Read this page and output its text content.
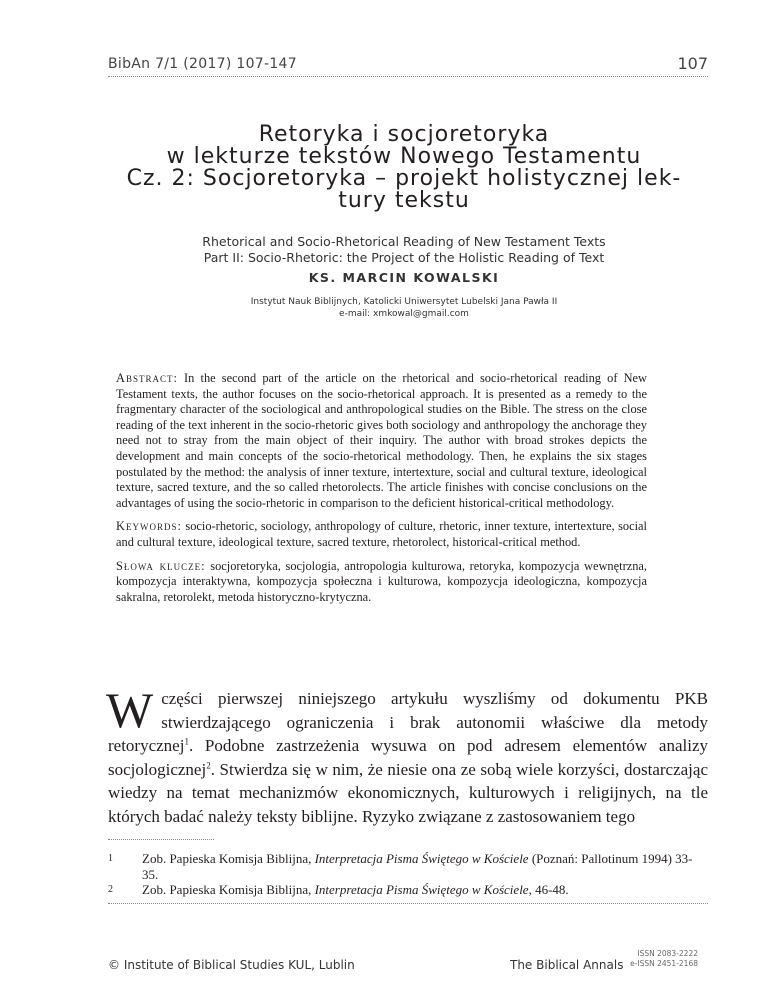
BibAn 7/1 (2017) 107-147	107
Retoryka i socjoretoryka
w lekturze tekstów Nowego Testamentu
Cz. 2: Socjoretoryka – projekt holistycznej lek-
tury tekstu
Rhetorical and Socio-Rhetorical Reading of New Testament Texts
Part II: Socio-Rhetoric: the Project of the Holistic Reading of Text
KS. MARCIN KOWALSKI
Instytut Nauk Biblijnych, Katolicki Uniwersytet Lubelski Jana Pawła II
e-mail: xmkowal@gmail.com

Abstract: In the second part of the article on the rhetorical and socio-rhetorical reading of New Testament texts, the author focuses on the socio-rhetorical approach. It is presented as a remedy to the fragmentary character of the sociological and anthropological studies on the Bible. The stress on the close reading of the text inherent in the socio-rhetoric gives both sociology and anthropology the anchorage they need not to stray from the main object of their inquiry. The author with broad strokes depicts the development and main concepts of the socio-rhetorical methodology. Then, he explains the six stages postulated by the method: the analysis of inner texture, intertexture, social and cultural texture, ideological texture, sacred texture, and the so called rhetorolects. The article finishes with concise conclusions on the advantages of using the socio-rhetoric in comparison to the deficient historical-critical methodology.

Keywords: socio-rhetoric, sociology, anthropology of culture, rhetoric, inner texture, intertexture, social and cultural texture, ideological texture, sacred texture, rhetorolect, historical-critical method.

Słowa klucze: socjoretoryka, socjologia, antropologia kulturowa, retoryka, kompozycja wewnętrzna, kompozycja interaktywna, kompozycja społeczna i kulturowa, kompozycja ideologiczna, kompozycja sakralna, retorolekt, metoda historyczno-krytyczna.

W części pierwszej niniejszego artykułu wyszliśmy od dokumentu PKB stwierdzającego ograniczenia i brak autonomii właściwe dla metody retorycznej$^1$. Podobne zastrzeżenia wysuwa on pod adresem elementów analizy socjologicznej$^2$. Stwierdza się w nim, że niesie ona ze sobą wiele korzyści, dostarczając wiedzy na temat mechanizmów ekonomicznych, kulturowych i religijnych, na tle których badać należy teksty biblijne. Ryzyko związane z zastosowaniem tego
1 Zob. Papieska Komisja Biblijna, Interpretacja Pisma Świętego w Kościele (Poznań: Pallotinum 1994) 33-35.
2 Zob. Papieska Komisja Biblijna, Interpretacja Pisma Świętego w Kościele, 46-48.
© Institute of Biblical Studies KUL, Lublin	The Biblical Annals
ISSN 2083-2222
e-ISSN 2451-2168
